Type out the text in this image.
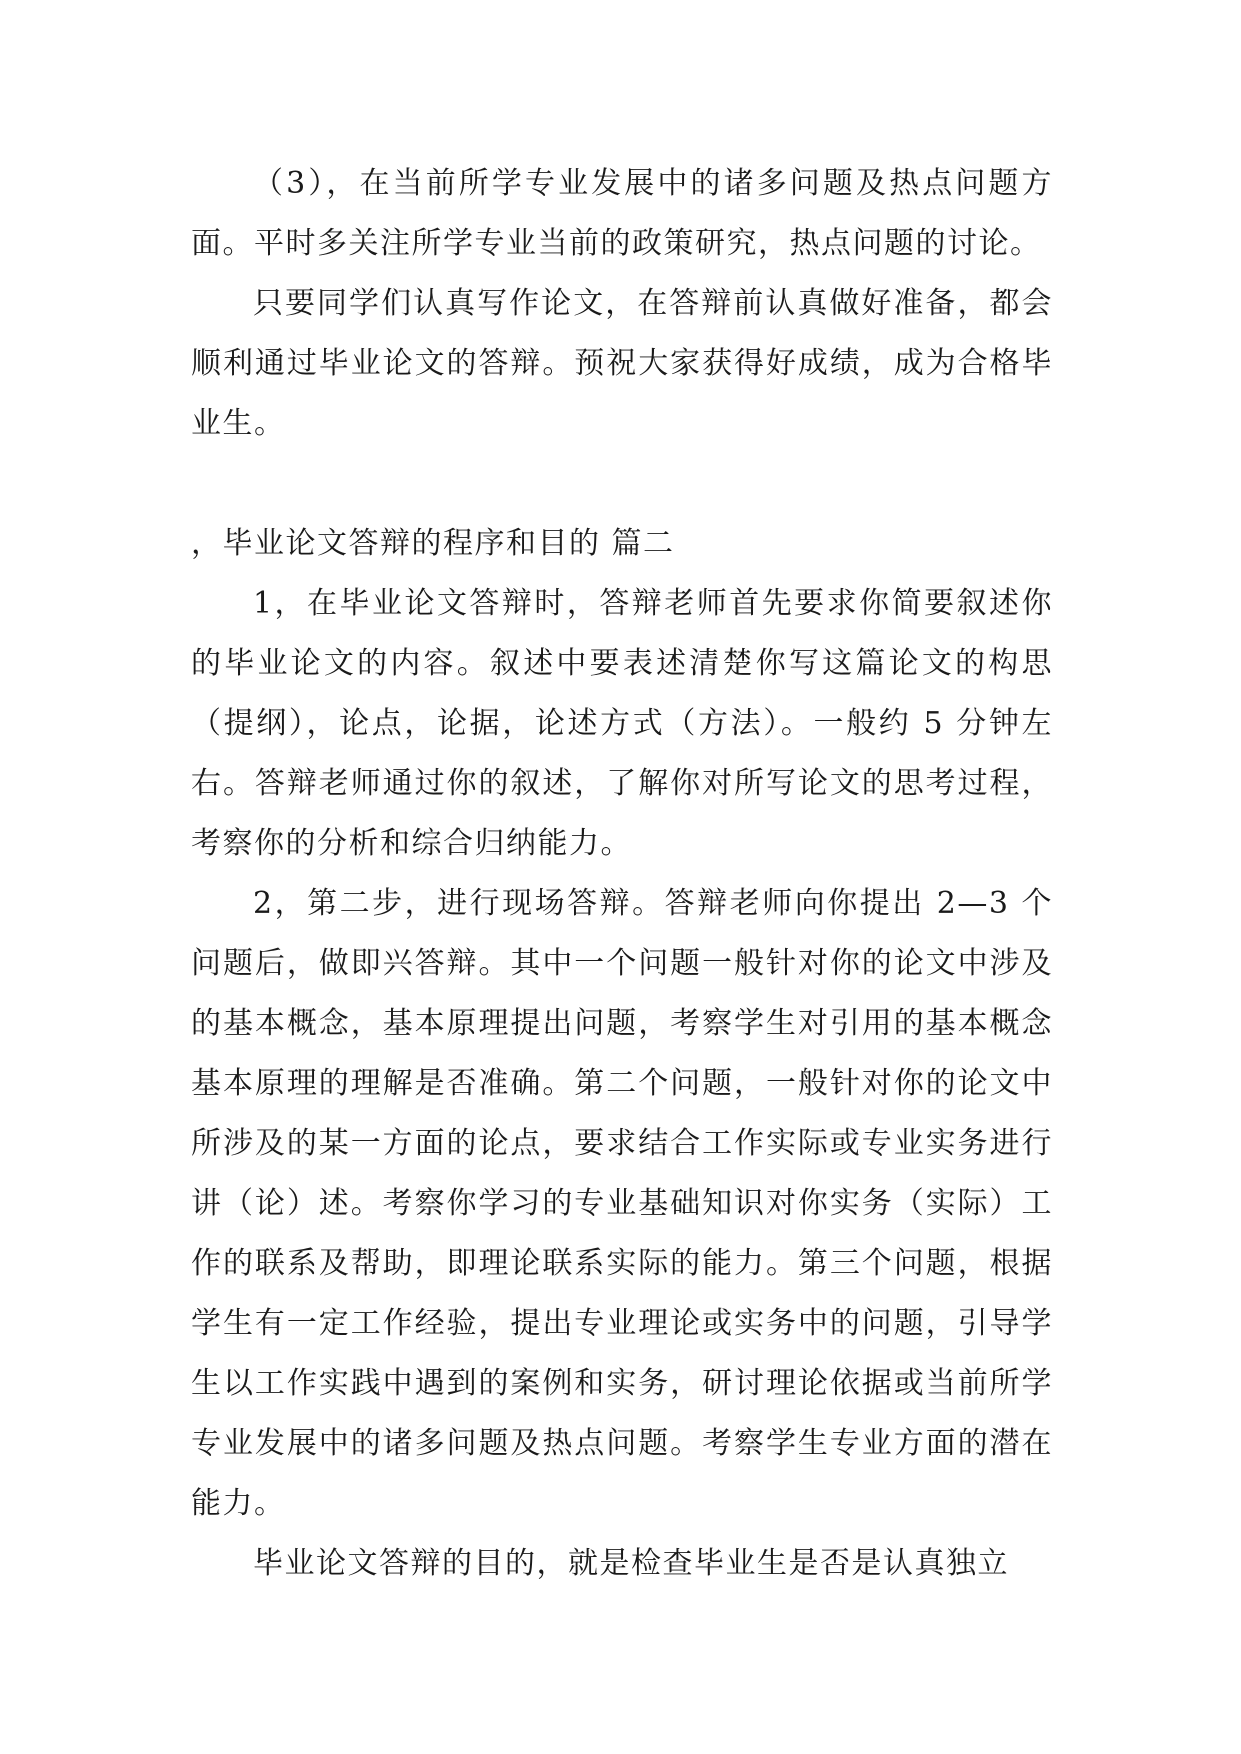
（3），在当前所学专业发展中的诸多问题及热点问题方面。平时多关注所学专业当前的政策研究，热点问题的讨论。

只要同学们认真写作论文，在答辩前认真做好准备，都会顺利通过毕业论文的答辩。预祝大家获得好成绩，成为合格毕业生。

，毕业论文答辩的程序和目的 篇二

1，在毕业论文答辩时，答辩老师首先要求你简要叙述你的毕业论文的内容。叙述中要表述清楚你写这篇论文的构思（提纲），论点，论据，论述方式（方法）。一般约 5 分钟左右。答辩老师通过你的叙述，了解你对所写论文的思考过程，考察你的分析和综合归纳能力。

2，第二步，进行现场答辩。答辩老师向你提出 2—3 个问题后，做即兴答辩。其中一个问题一般针对你的论文中涉及的基本概念，基本原理提出问题，考察学生对引用的基本概念基本原理的理解是否准确。第二个问题，一般针对你的论文中所涉及的某一方面的论点，要求结合工作实际或专业实务进行讲（论）述。考察你学习的专业基础知识对你实务（实际）工作的联系及帮助，即理论联系实际的能力。第三个问题，根据学生有一定工作经验，提出专业理论或实务中的问题，引导学生以工作实践中遇到的案例和实务，研讨理论依据或当前所学专业发展中的诸多问题及热点问题。考察学生专业方面的潜在能力。

毕业论文答辩的目的，就是检查毕业生是否是认真独立
